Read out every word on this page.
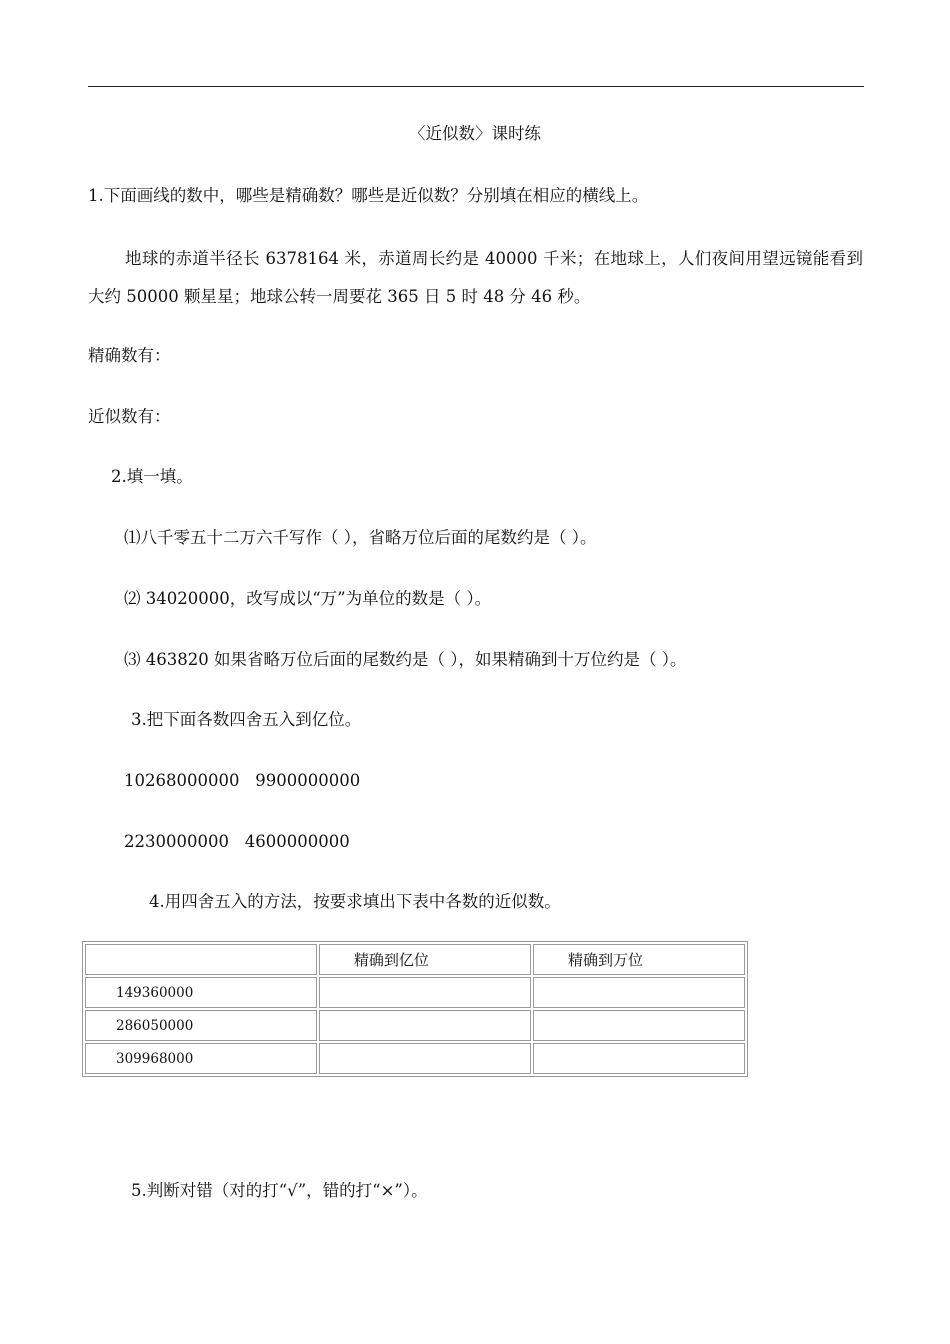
〈近似数〉课时练
1.下面画线的数中，哪些是精确数？哪些是近似数？分别填在相应的横线上。
地球的赤道半径长 6378164 米，赤道周长约是 40000 千米；在地球上，人们夜间用望远镜能看到大约 50000 颗星星；地球公转一周要花 365 日 5 时 48 分 46 秒。
精确数有：
近似数有：
2.填一填。
⑴八千零五十二万六千写作（ ），省略万位后面的尾数约是（ ）。
⑵ 34020000，改写成以“万”为单位的数是（ ）。
⑶ 463820 如果省略万位后面的尾数约是（ ），如果精确到十万位约是（ ）。
3.把下面各数四舍五入到亿位。
10268000000   9900000000
2230000000   4600000000
4.用四舍五入的方法，按要求填出下表中各数的近似数。
	精确到亿位	精确到万位
149360000		
286050000		
309968000		
5.判断对错（对的打“√”，错的打“×”）。
